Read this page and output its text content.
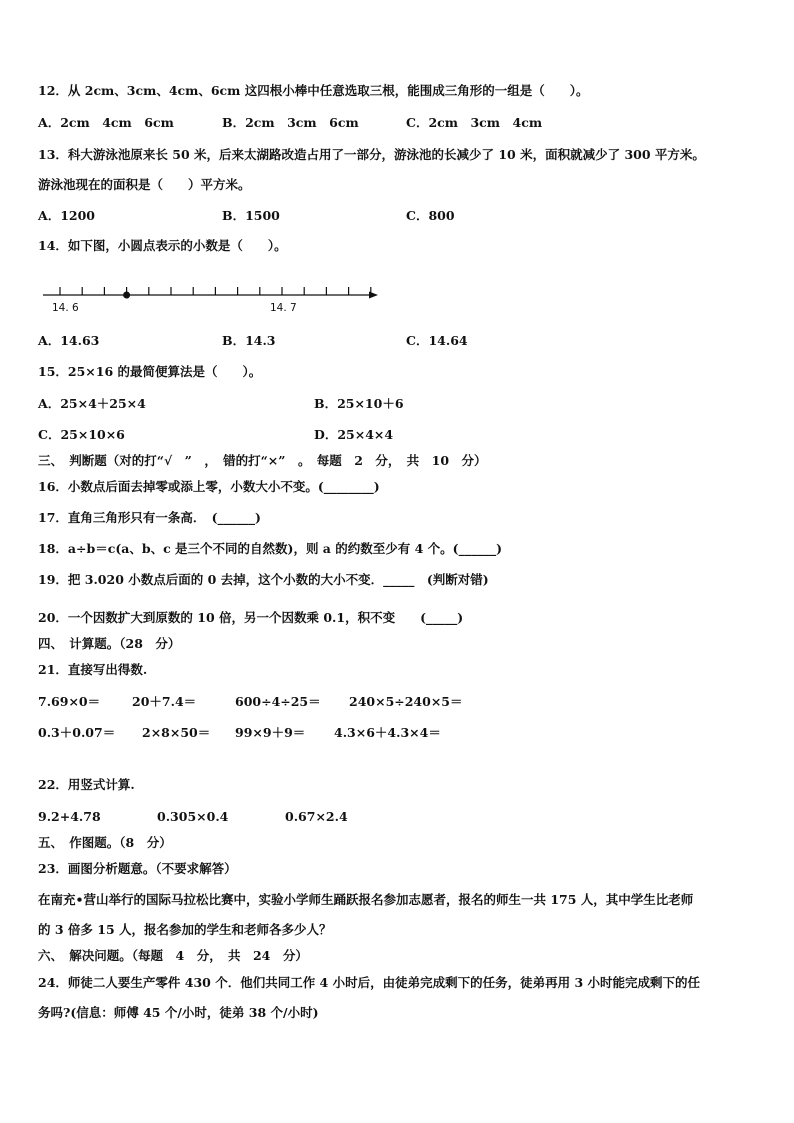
12．从 2cm、3cm、4cm、6cm 这四根小棒中任意选取三根，能围成三角形的一组是（　　）。
A．2cm　4cm　6cm	B．2cm　3cm　6cm	C．2cm　3cm　4cm
13．科大游泳池原来长 50 米，后来太湖路改造占用了一部分，游泳池的长减少了 10 米，面积就减少了 300 平方米。
游泳池现在的面积是（　　）平方米。
A．1200	B．1500	C．800
14．如下图，小圆点表示的小数是（　　）。
14. 6	14. 7
A．14.63	B．14.3	C．14.64
15．25×16 的最简便算法是（　　）。
A．25×4＋25×4	B．25×10＋6
C．25×10×6	D．25×4×4
三、　判断题（对的打“√　”　，　错的打“×”　。　每题　2　分，　共　10　分）
16．小数点后面去掉零或添上零，小数大小不变。(________)
17．直角三角形只有一条高．　(______)
18．a÷b＝c(a、b、c 是三个不同的自然数)，则 a 的约数至少有 4 个。(______)
19．把 3.020 小数点后面的 0 去掉，这个小数的大小不变．_____　(判断对错)
20．一个因数扩大到原数的 10 倍，另一个因数乘 0.1，积不变　　(_____)
四、　计算题。（28　分）
21．直接写出得数.
7.69×0＝	20＋7.4＝	600÷4÷25＝ 240×5÷240×5＝
0.3＋0.07＝ 2×8×50＝ 99×9＋9＝ 4.3×6＋4.3×4＝
22．用竖式计算.
9.2+4.78	0.305×0.4	0.67×2.4
五、　作图题。（8　分）
23．画图分析题意。（不要求解答）
在南充•营山举行的国际马拉松比赛中，实验小学师生踊跃报名参加志愿者，报名的师生一共 175 人，其中学生比老师
的 3 倍多 15 人，报名参加的学生和老师各多少人？
六、　解决问题。（每题　4　分，　共　24　分）
24．师徒二人要生产零件 430 个．他们共同工作 4 小时后，由徒弟完成剩下的任务，徒弟再用 3 小时能完成剩下的任
务吗?(信息：师傅 45 个/小时，徒弟 38 个/小时)
